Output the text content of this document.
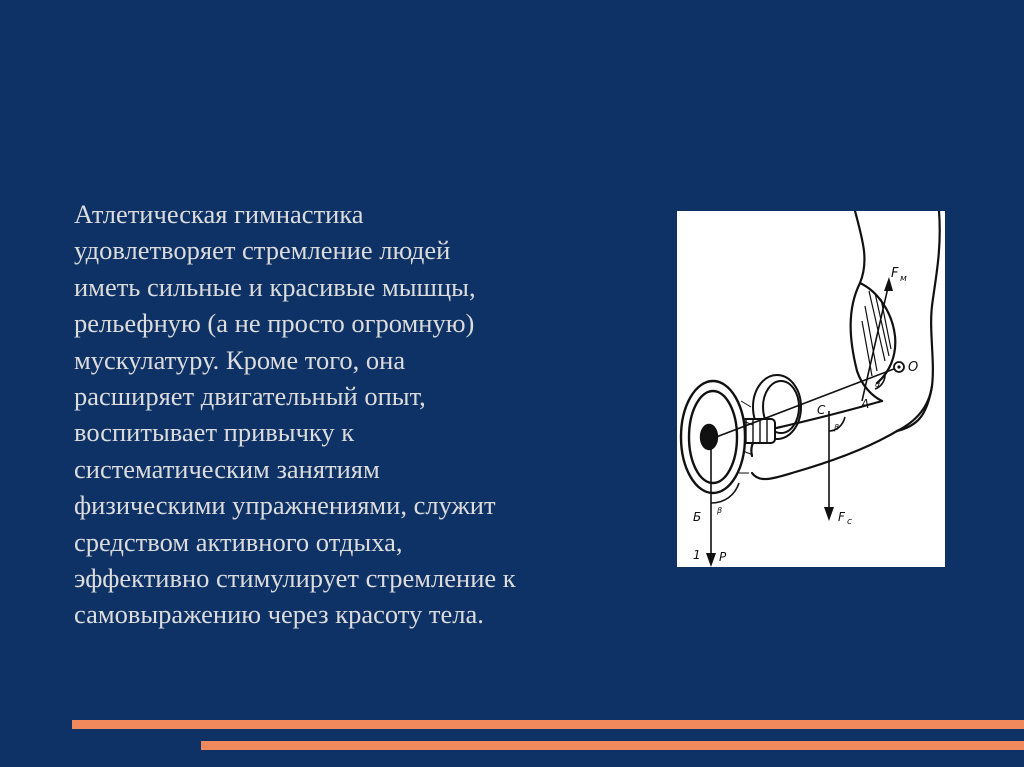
Атлетическая гимнастика
удовлетворяет стремление людей
иметь сильные и красивые мышцы,
рельефную (а не просто огромную)
мускулатуру. Кроме того, она
расширяет двигательный опыт,
воспитывает привычку к
систематическим занятиям
физическими упражнениями, служит
средством активного отдыха,
эффективно стимулирует стремление к
самовыражению через красоту тела.

F м
O
A
C
F c
Б
1 P
β
β
α
